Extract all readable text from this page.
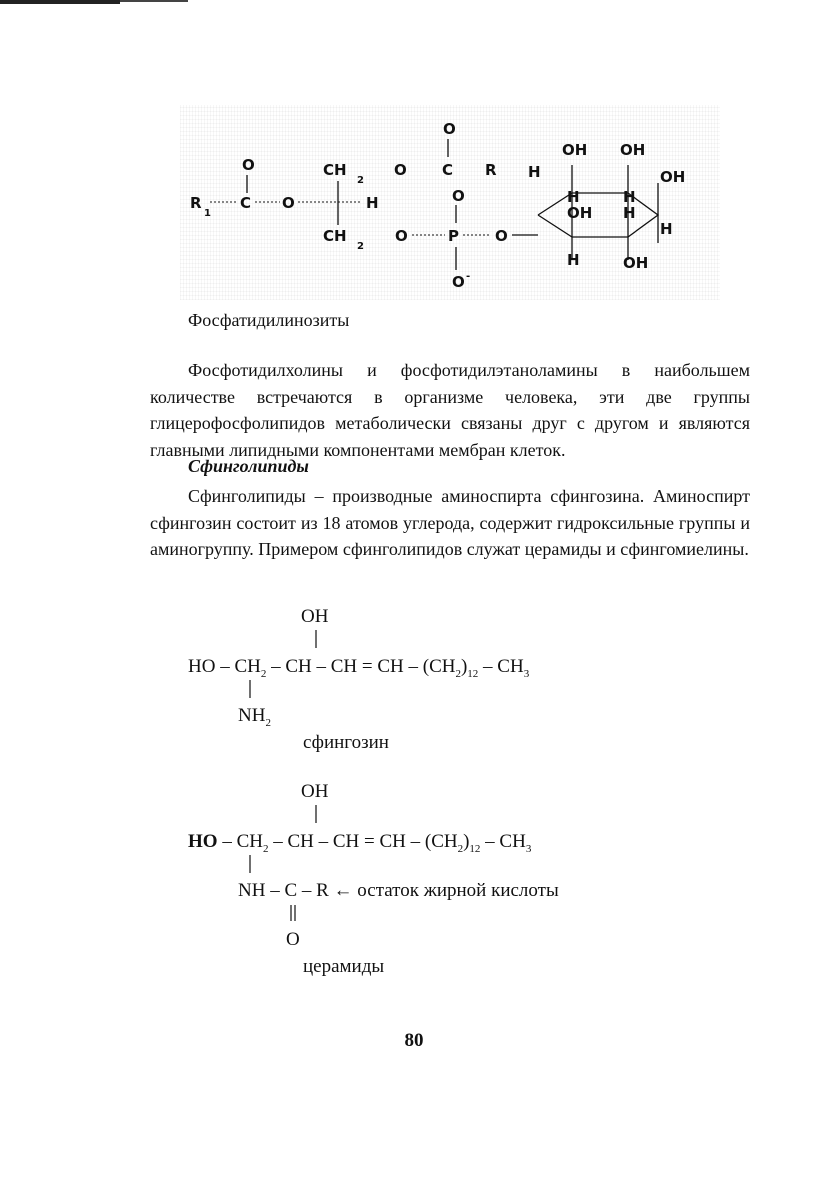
O
R
1
C O
CH
2
H
CH
2
O
O
C R
O
O
P O
O -
H
OH OH
OH
H	H
OH H
H
H	OH
Фосфатидилинозиты

Фосфотидилхолины и фосфотидилэтаноламины в наибольшем количестве встречаются в организме человека, эти две группы глицерофосфолипидов метаболически связаны друг с другом и являются главными липидными компонентами мембран клеток.

Сфинголипиды

Сфинголипиды – производные аминоспирта сфингозина. Аминоспирт сфингозин состоит из 18 атомов углерода, содержит гидроксильные группы и аминогруппу. Примером сфинголипидов служат церамиды и сфингомиелины.

OH
HO – $CH_2$ – CH – CH = CH – $(CH_2)_{12} - CH_3$
$NH_2$
сфингозин
OH
HO – $CH_2$ – CH – CH = CH – $(CH_2)_{12} - CH_3$
NH – C – R ← остаток жирной кислоты
O
церамиды
80
